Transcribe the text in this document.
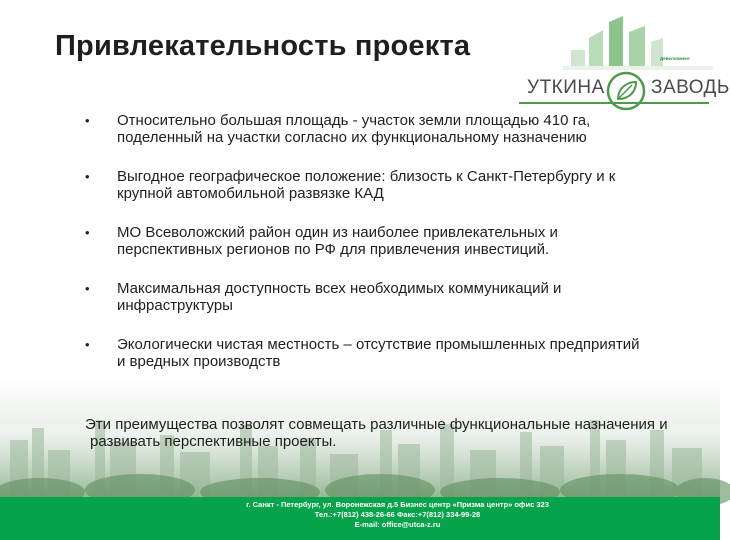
Привлекательность проекта	Девелопмент
УТКИНА ЗАВОДЬ
• Относительно большая площадь - участок земли площадью 410 га, поделенный на участки согласно их функциональному назначению
• Выгодное географическое положение: близость к Санкт-Петербургу и к крупной автомобильной развязке КАД
• МО Всеволожский район один из наиболее привлекательных и перспективных регионов по РФ для привлечения инвестиций.
• Максимальная доступность всех необходимых коммуникаций и инфраструктуры
• Экологически чистая местность – отсутствие промышленных предприятий и вредных производств
Эти преимущества позволят совмещать различные функциональные назначения и развивать перспективные проекты.
г. Санкт - Петербург, ул. Воронежская д.5 Бизнес центр «Призма центр» офис 323
Тел.:+7(812) 438-26-66 Факс:+7(812) 334-99-28
E-mail: office@utca-z.ru
